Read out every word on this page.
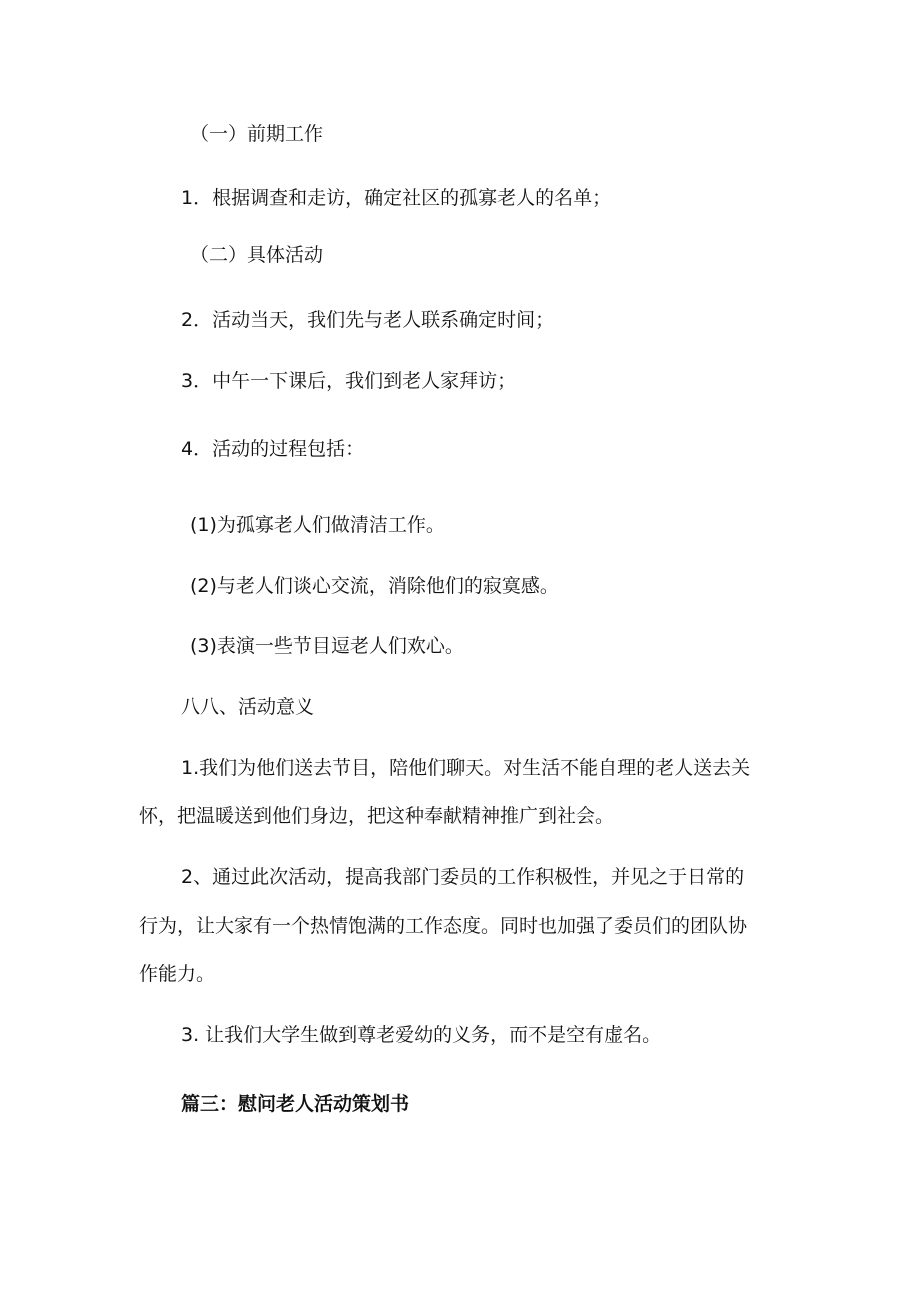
（一）前期工作
1．根据调查和走访，确定社区的孤寡老人的名单；
（二）具体活动
2．活动当天，我们先与老人联系确定时间；
3．中午一下课后，我们到老人家拜访；
4．活动的过程包括：
(1)为孤寡老人们做清洁工作。
(2)与老人们谈心交流，消除他们的寂寞感。
(3)表演一些节目逗老人们欢心。
八八、活动意义
1.我们为他们送去节目，陪他们聊天。对生活不能自理的老人送去关
怀，把温暖送到他们身边，把这种奉献精神推广到社会。
2、通过此次活动，提高我部门委员的工作积极性，并见之于日常的
行为，让大家有一个热情饱满的工作态度。同时也加强了委员们的团队协
作能力。
3. 让我们大学生做到尊老爱幼的义务，而不是空有虚名。
篇三：慰问老人活动策划书
